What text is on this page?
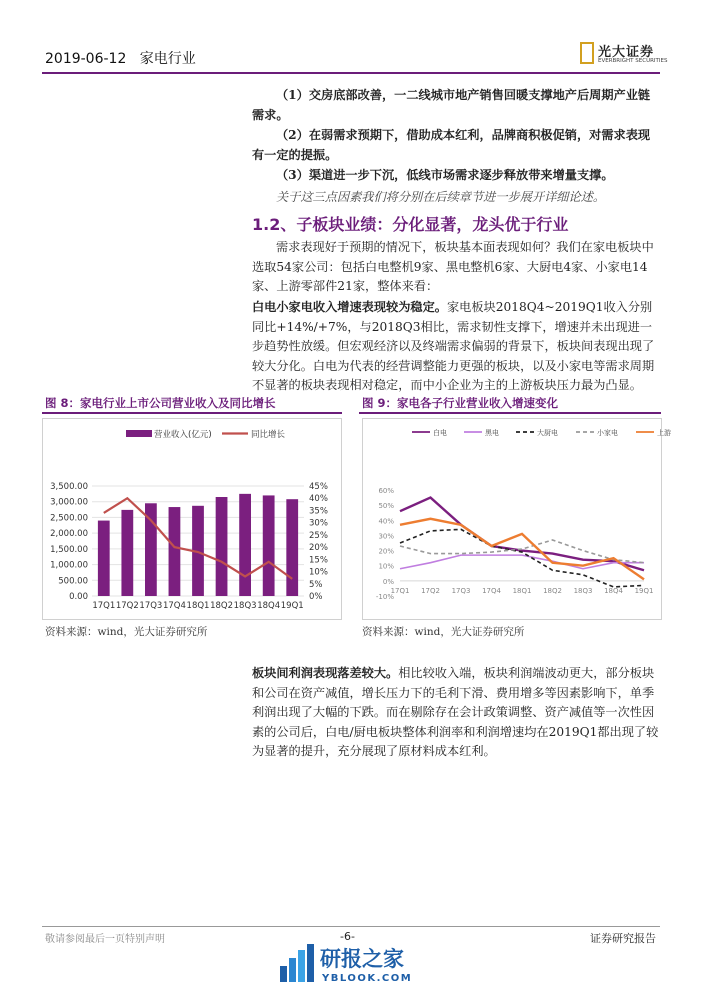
2019-06-12 家电行业	光大证券
EVERBRIGHT SECURITIES

（1）交房底部改善，一二线城市地产销售回暖支撑地产后周期产业链需求。

（2）在弱需求预期下，借助成本红利，品牌商积极促销，对需求表现有一定的提振。

（3）渠道进一步下沉，低线市场需求逐步释放带来增量支撑。

关于这三点因素我们将分别在后续章节进一步展开详细论述。

1.2、子板块业绩：分化显著，龙头优于行业

需求表现好于预期的情况下，板块基本面表现如何？我们在家电板块中选取54家公司：包括白电整机9家、黑电整机6家、大厨电4家、小家电14家、上游零部件21家，整体来看：

白电小家电收入增速表现较为稳定。家电板块2018Q4~2019Q1收入分别同比+14%/+7%，与2018Q3相比，需求韧性支撑下，增速并未出现进一步趋势性放缓。但宏观经济以及终端需求偏弱的背景下，板块间表现出现了较大分化。白电为代表的经营调整能力更强的板块，以及小家电等需求周期不显著的板块表现相对稳定，而中小企业为主的上游板块压力最为凸显。

图 8：家电行业上市公司营业收入及同比增长	图 9：家电各子行业营业收入增速变化
0.00
500.00
1,000.00
1,500.00
2,000.00
2,500.00
3,000.00
3,500.00
0%
5%
10%
15%
20%
25%
30%
35%
40%
45%
17Q1 17Q2 17Q3 17Q4 18Q1 18Q2 18Q3 18Q4 19Q1
营业收入(亿元)	同比增长
资料来源：wind，光大证券研究所
-10%
0%
10%
20%
30%
40%
50%
60%
17Q1 17Q2 17Q3 17Q4 18Q1 18Q2 18Q3 18Q4 19Q1
白电	黑电	大厨电	小家电	上游
资料来源：wind，光大证券研究所

板块间利润表现落差较大。相比较收入端，板块利润端波动更大，部分板块和公司在资产减值，增长压力下的毛利下滑、费用增多等因素影响下，单季利润出现了大幅的下跌。而在剔除存在会计政策调整、资产减值等一次性因素的公司后，白电/厨电板块整体利润率和利润增速均在2019Q1都出现了较为显著的提升，充分展现了原材料成本红利。

敬请参阅最后一页特别声明	-6-	证券研究报告
研报之家
YBLOOK.COM
